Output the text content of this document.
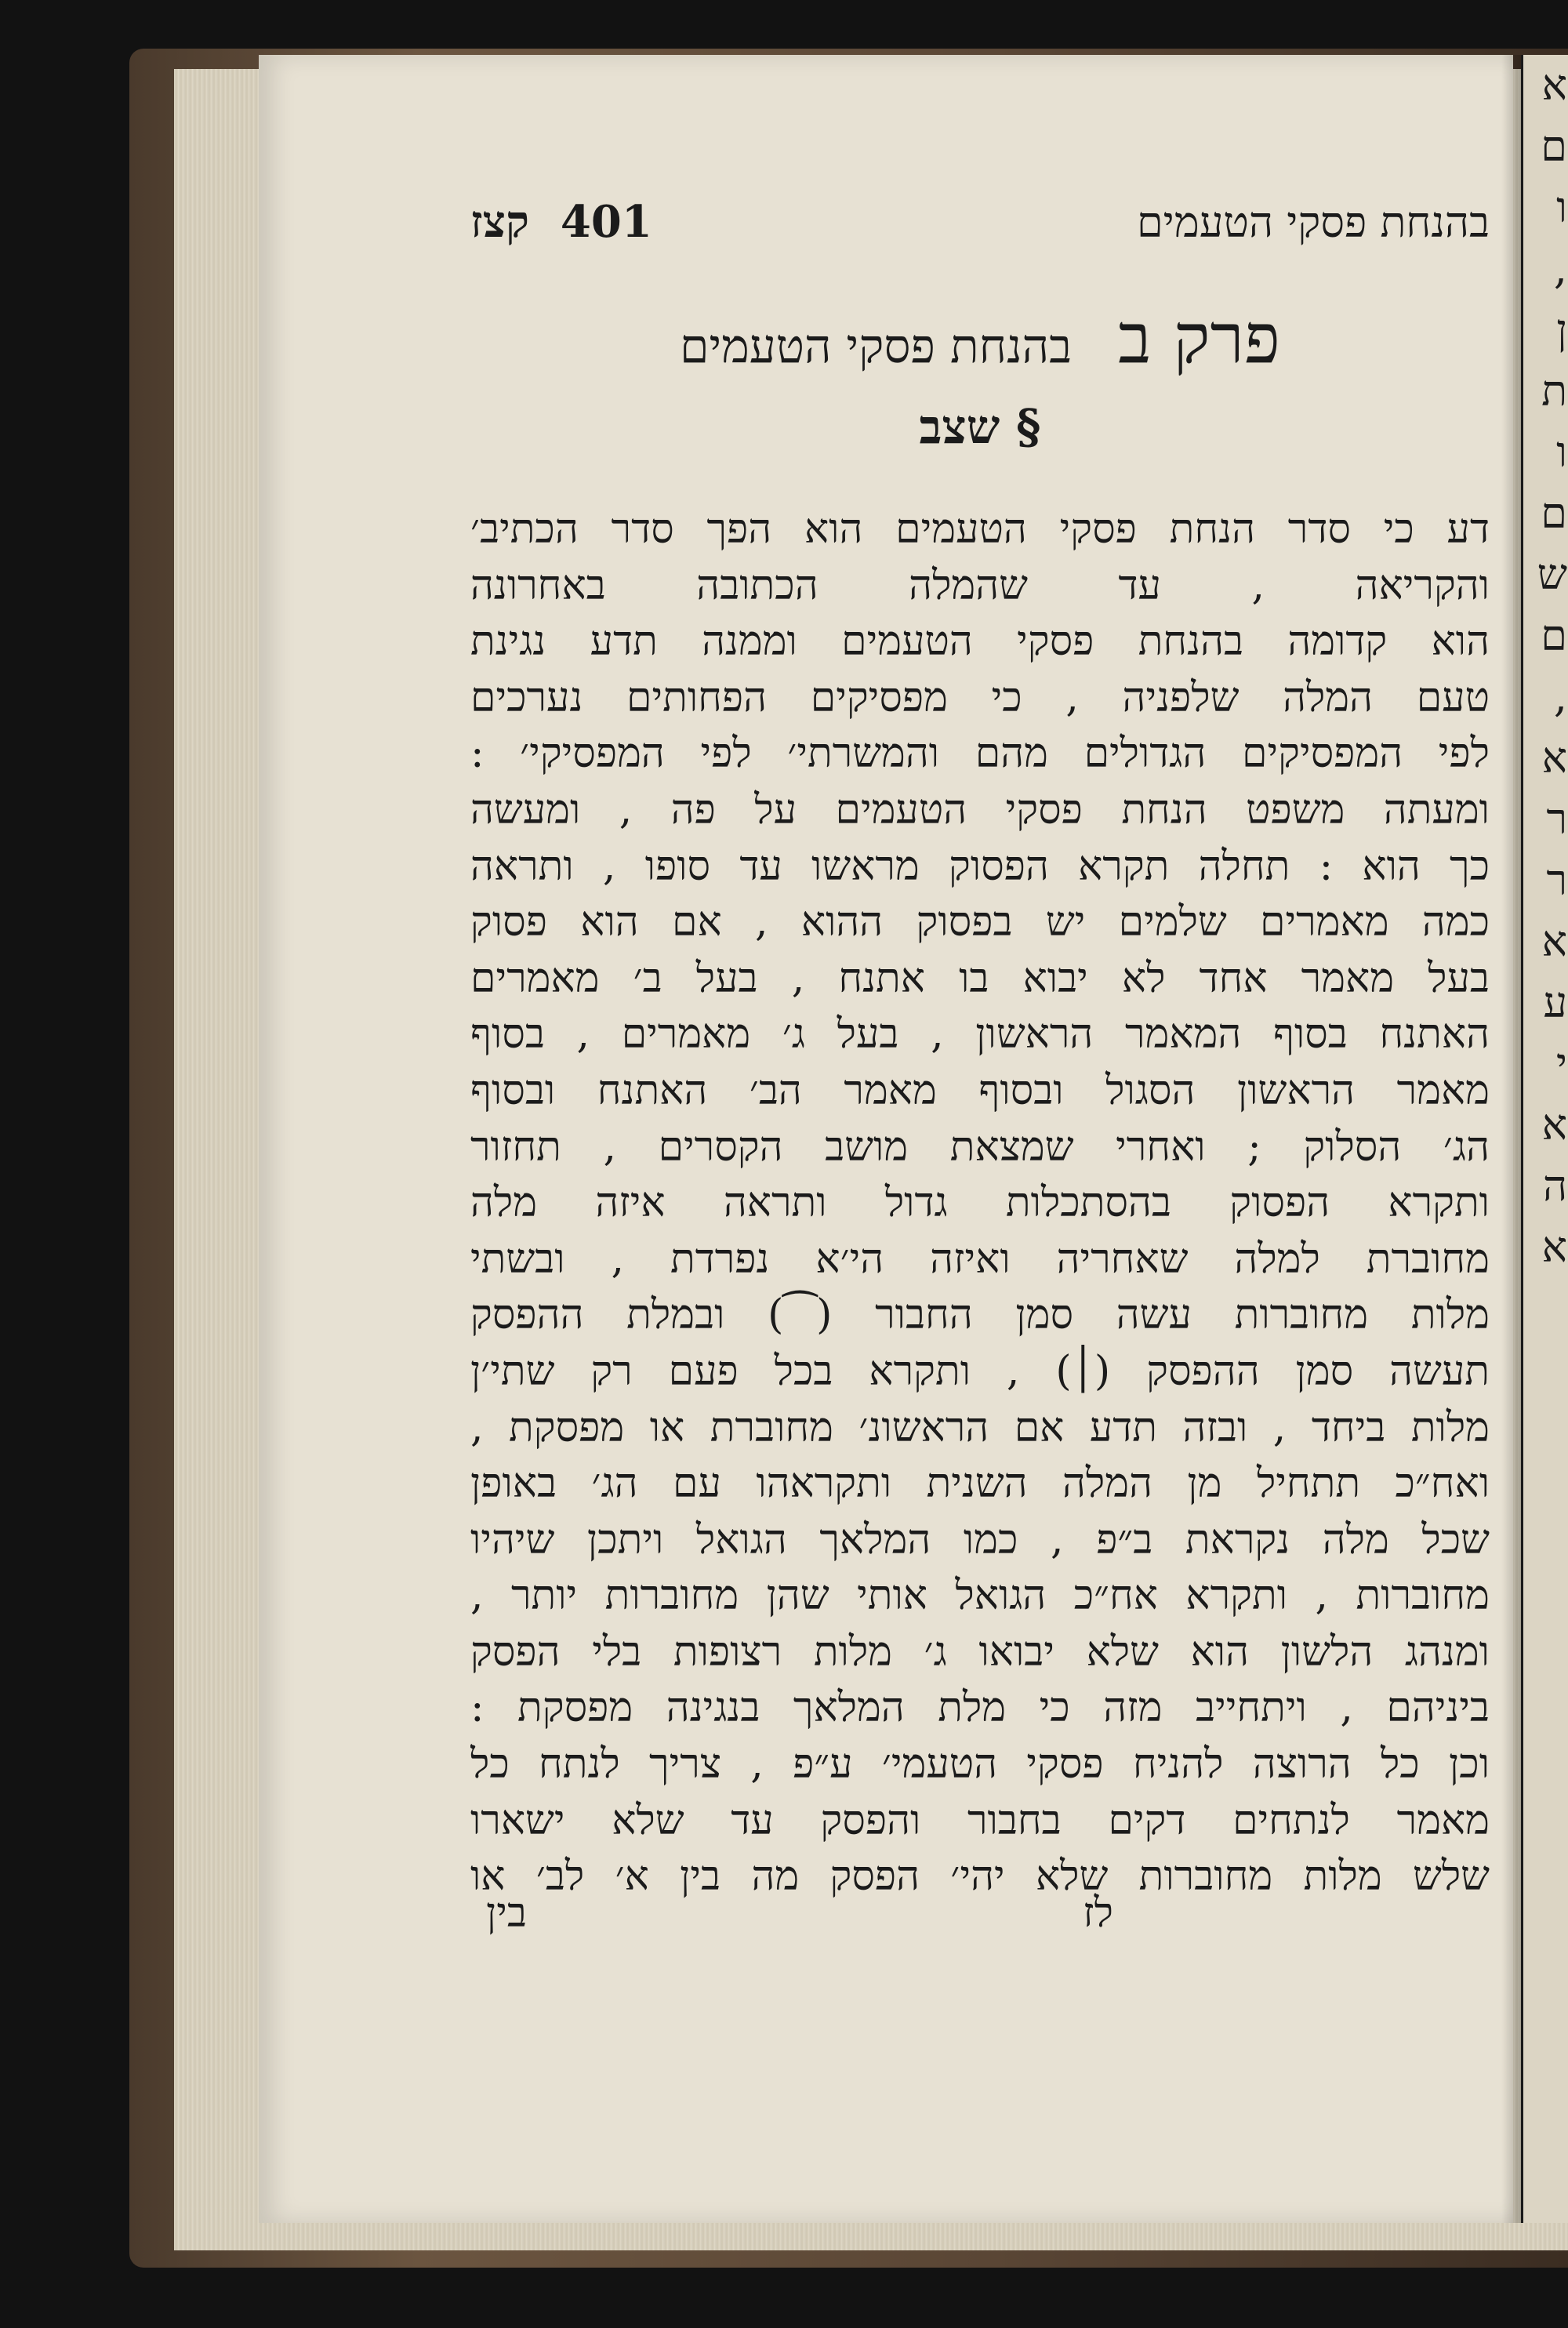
א
ם
ו
,
ן
ת
ו
ם
ש
ם
,
א
ר
ר
א
ע
י
א
ה
א
בהנחת פסקי הטעמים
401
קצז
פרק ב בהנחת פסקי הטעמים
§ שצב
דע כי סדר הנחת פסקי הטעמים הוא הפך סדר הכתיב׳
והקריאה , עד שהמלה הכתובה באחרונה
הוא קדומה בהנחת פסקי הטעמים וממנה תדע נגינת
טעם המלה שלפניה , כי מפסיקים הפחותים נערכים
לפי המפסיקים הגדולים מהם והמשרתי׳ לפי המפסיקי׳ :
ומעתה משפט הנחת פסקי הטעמים על פה , ומעשה
כך הוא : תחלה תקרא הפסוק מראשו עד סופו , ותראה
כמה מאמרים שלמים יש בפסוק ההוא , אם הוא פסוק
בעל מאמר אחד לא יבוא בו אתנח , בעל ב׳ מאמרים
האתנח בסוף המאמר הראשון , בעל ג׳ מאמרים , בסוף
מאמר הראשון הסגול ובסוף מאמר הב׳ האתנח ובסוף
הג׳ הסלוק ; ואחרי שמצאת מושב הקסרים , תחזור
ותקרא הפסוק בהסתכלות גדול ותראה איזה מלה
מחוברת למלה שאחריה ואיזה הי׳א נפרדת , ובשתי
מלות מחוברות עשה סמן החבור (⁀) ובמלת ההפסק
תעשה סמן ההפסק (׀) , ותקרא בכל פעם רק שתי׳ן
מלות ביחד , ובזה תדע אם הראשונ׳ מחוברת או מפסקת ,
ואח״כ תתחיל מן המלה השנית ותקראהו עם הג׳ באופן
שכל מלה נקראת ב״פ , כמו המלאך הגואל ויתכן שיהיו
מחוברות , ותקרא אח״כ הגואל אותי שהן מחוברות יותר ,
ומנהג הלשון הוא שלא יבואו ג׳ מלות רצופות בלי הפסק
ביניהם , ויתחייב מזה כי מלת המלאך בנגינה מפסקת :
וכן כל הרוצה להניח פסקי הטעמי׳ ע״פ , צריך לנתח כל
מאמר לנתחים דקים בחבור והפסק עד שלא ישארו
שלש מלות מחוברות שלא יהי׳ הפסק מה בין א׳ לב׳ או
לז
בין
